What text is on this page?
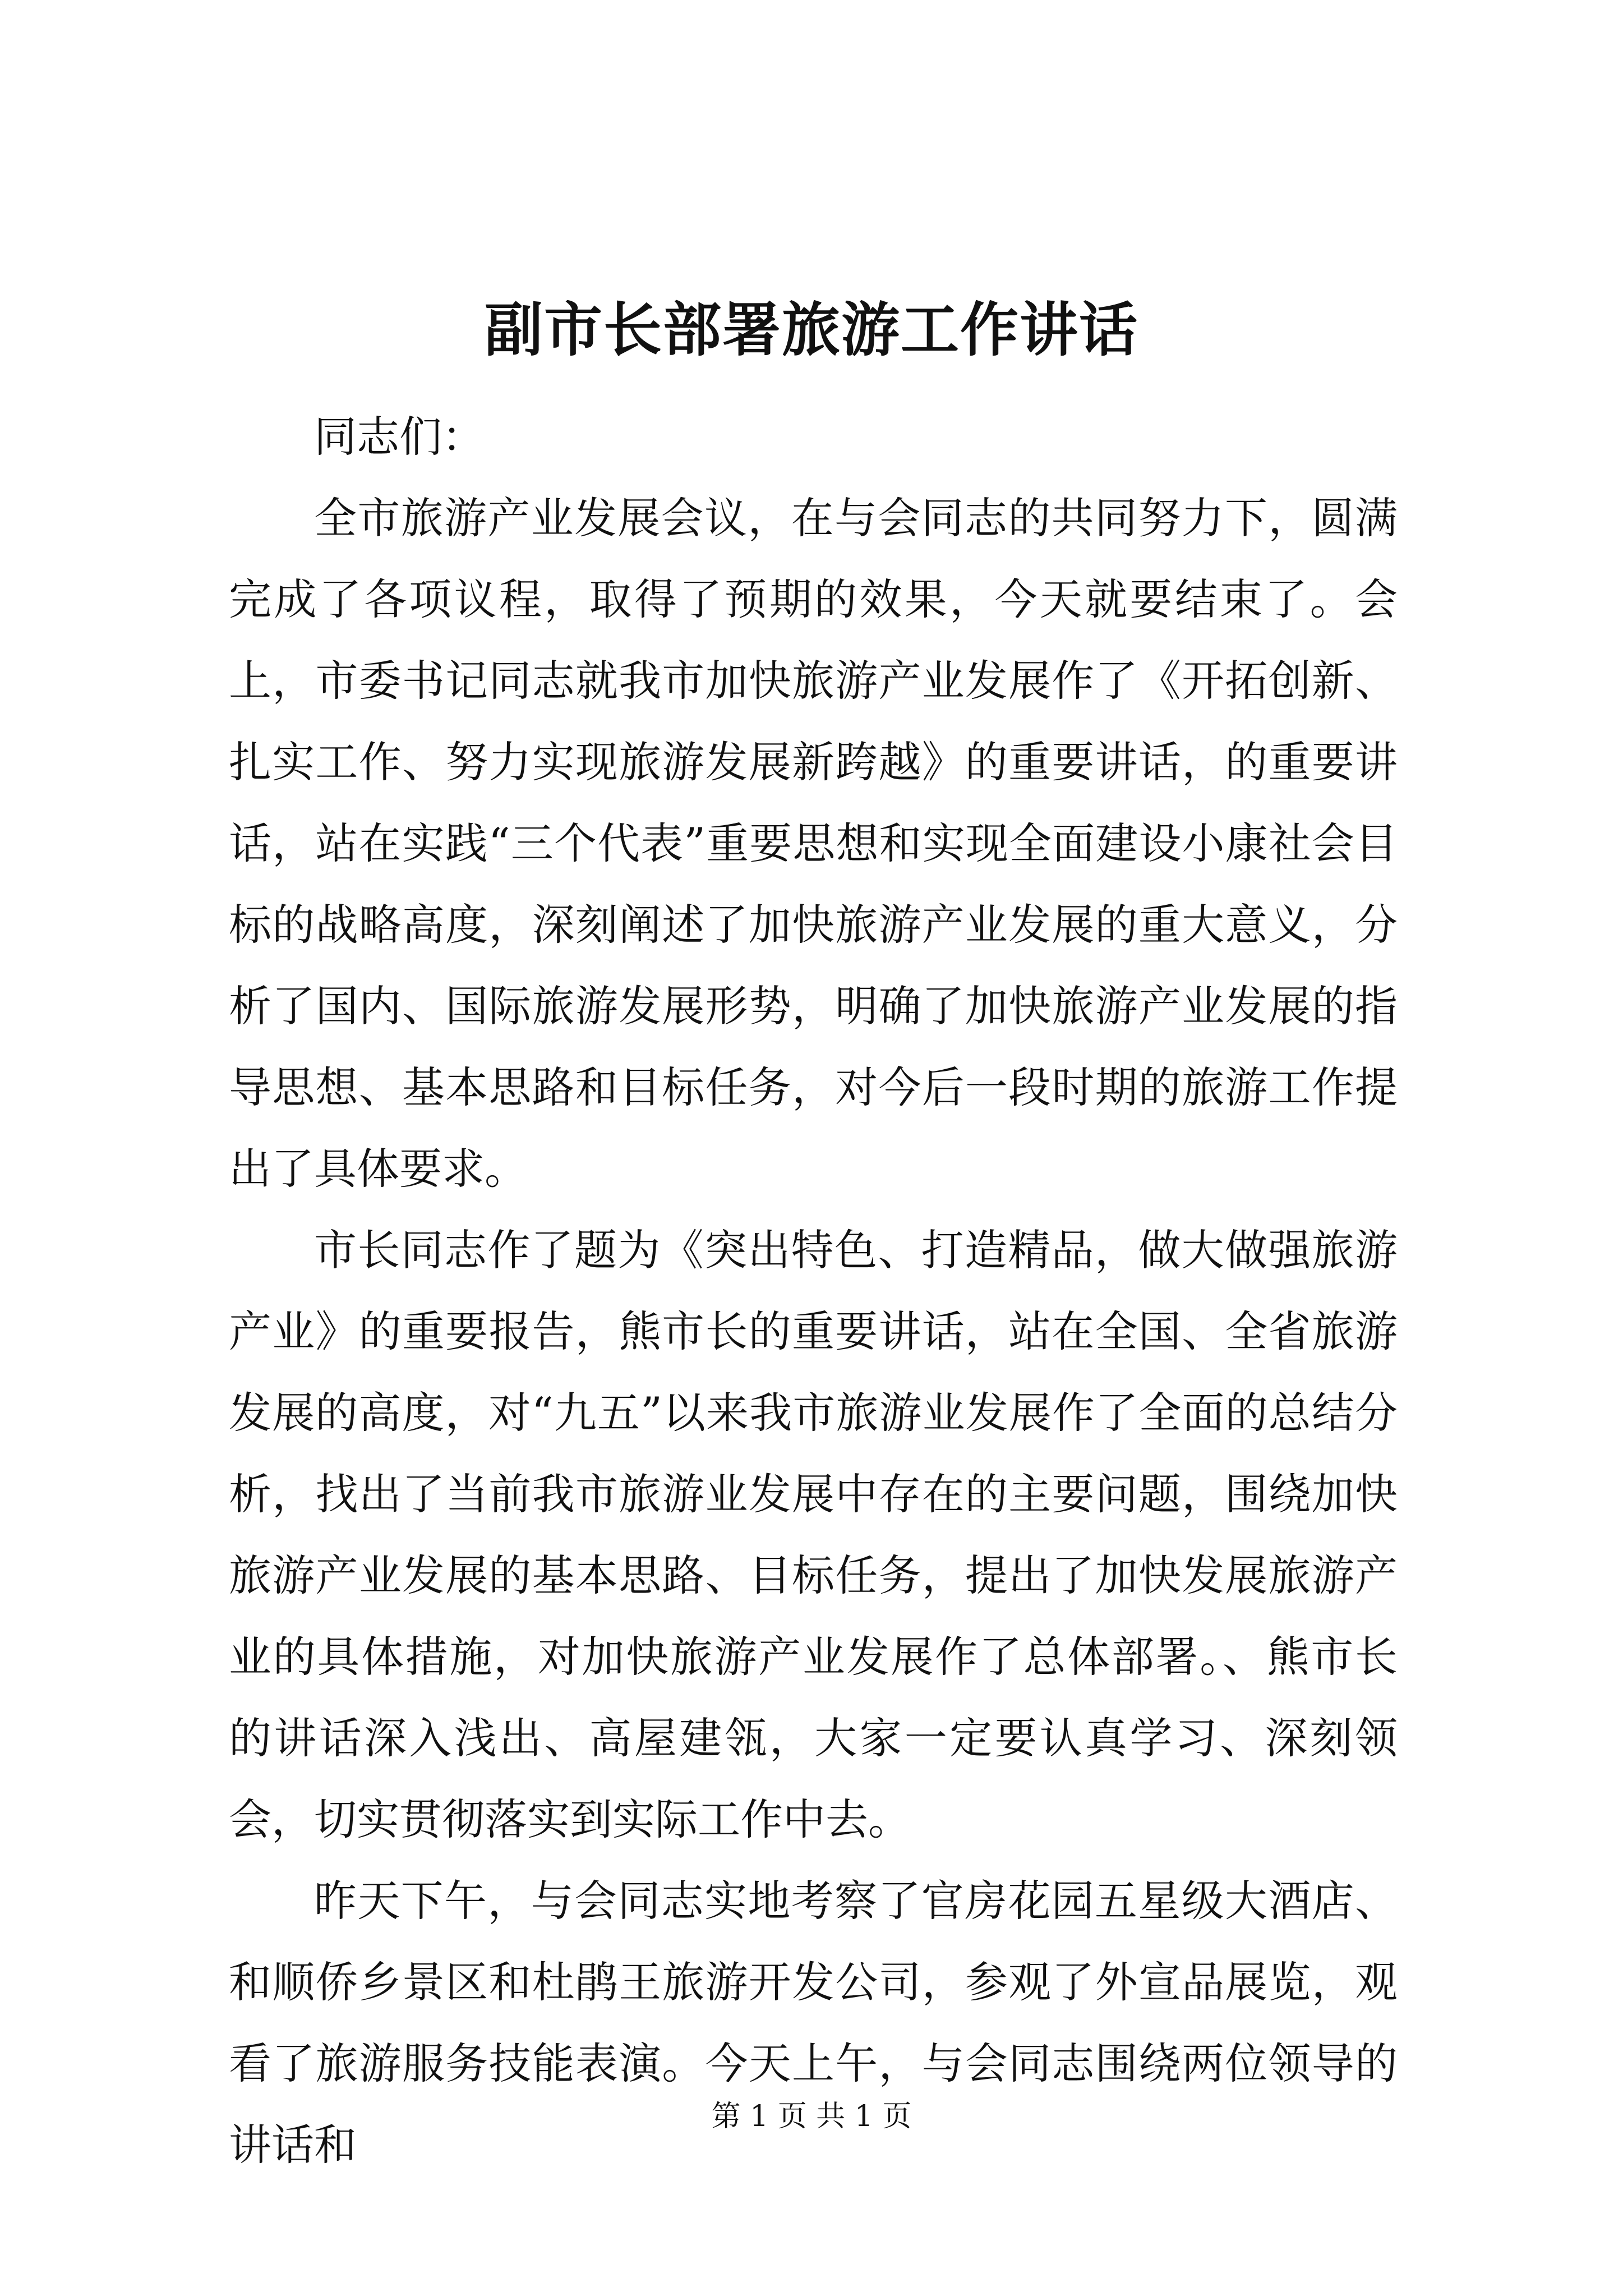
副市长部署旅游工作讲话

同志们：

全市旅游产业发展会议，在与会同志的共同努力下，圆满完成了各项议程，取得了预期的效果，今天就要结束了。会上，市委书记同志就我市加快旅游产业发展作了《开拓创新、扎实工作、努力实现旅游发展新跨越》的重要讲话，的重要讲话，站在实践“三个代表”重要思想和实现全面建设小康社会目标的战略高度，深刻阐述了加快旅游产业发展的重大意义，分析了国内、国际旅游发展形势，明确了加快旅游产业发展的指导思想、基本思路和目标任务，对今后一段时期的旅游工作提出了具体要求。

市长同志作了题为《突出特色、打造精品，做大做强旅游产业》的重要报告，熊市长的重要讲话，站在全国、全省旅游发展的高度，对“九五”以来我市旅游业发展作了全面的总结分析，找出了当前我市旅游业发展中存在的主要问题，围绕加快旅游产业发展的基本思路、目标任务，提出了加快发展旅游产业的具体措施，对加快旅游产业发展作了总体部署。、熊市长的讲话深入浅出、高屋建瓴，大家一定要认真学习、深刻领会，切实贯彻落实到实际工作中去。

昨天下午，与会同志实地考察了官房花园五星级大酒店、和顺侨乡景区和杜鹃王旅游开发公司，参观了外宣品展览，观看了旅游服务技能表演。今天上午，与会同志围绕两位领导的讲话和

第 1 页 共 1 页
